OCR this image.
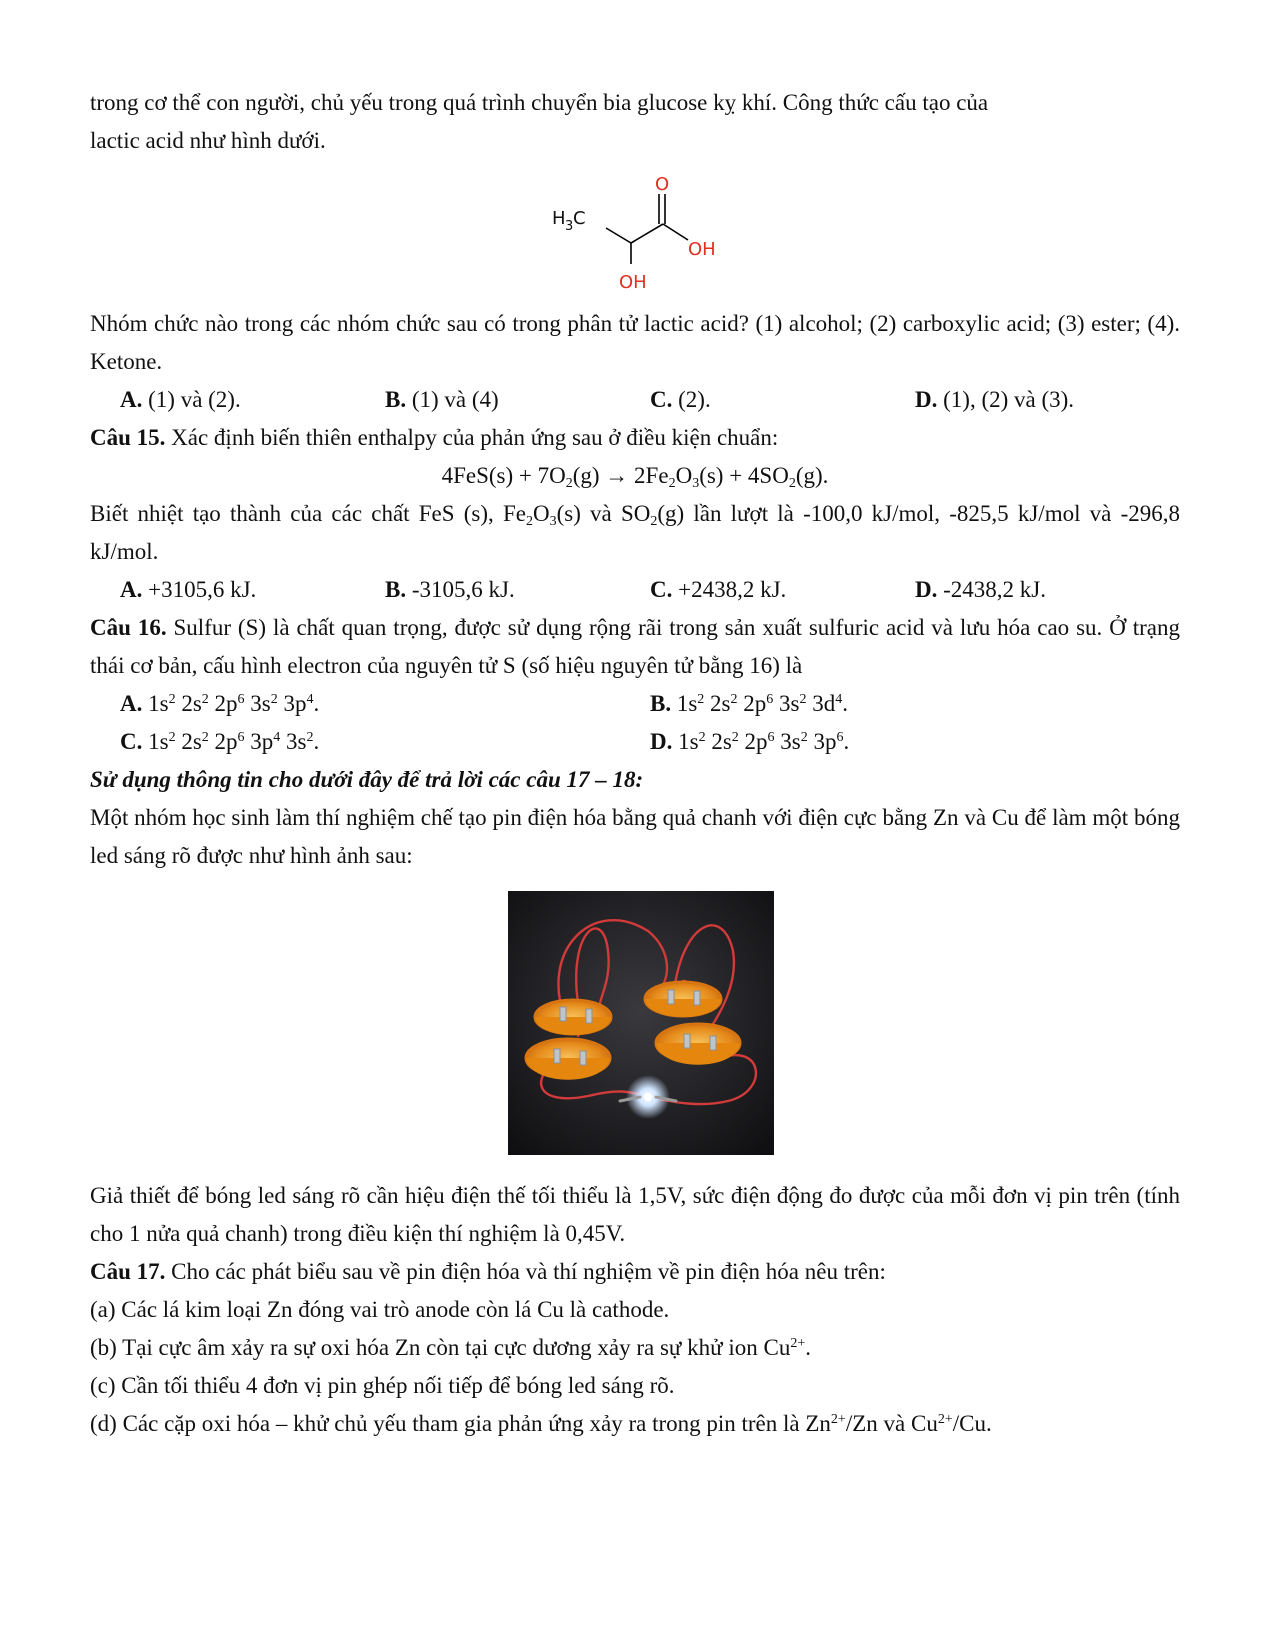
trong cơ thể con người, chủ yếu trong quá trình chuyển bia glucose kỵ khí. Công thức cấu tạo của

lactic acid như hình dưới.

O
H 3 C
OH
OH

Nhóm chức nào trong các nhóm chức sau có trong phân tử lactic acid? (1) alcohol; (2) carboxylic acid; (3) ester; (4). Ketone.

A. (1) và (2).	B. (1) và (4)	C. (2).	D. (1), (2) và (3).

Câu 15. Xác định biến thiên enthalpy của phản ứng sau ở điều kiện chuẩn:

$4FeS(s) + 7O_2(g) \to 2Fe_2O_3(s) + 4SO_2(g)$.

Biết nhiệt tạo thành của các chất FeS (s), $Fe_2O_3(s)$ và $SO_2(g)$ lần lượt là -100,0 kJ/mol, -825,5 kJ/mol và -296,8 kJ/mol.

A. +3105,6 kJ.	B. -3105,6 kJ.	C. +2438,2 kJ.	D. -2438,2 kJ.

Câu 16. Sulfur (S) là chất quan trọng, được sử dụng rộng rãi trong sản xuất sulfuric acid và lưu hóa cao su. Ở trạng thái cơ bản, cấu hình electron của nguyên tử S (số hiệu nguyên tử bằng 16) là

A. $1s^2$ $2s^2$ $2p^6$ $3s^2$ $3p^4$.	B. $1s^2$ $2s^2$ $2p^6$ $3s^2$ $3d^4$.
C. $1s^2$ $2s^2$ $2p^6$ $3p^4$ $3s^2$.	D. $1s^2$ $2s^2$ $2p^6$ $3s^2$ $3p^6$.

Sử dụng thông tin cho dưới đây để trả lời các câu 17 – 18:

Một nhóm học sinh làm thí nghiệm chế tạo pin điện hóa bằng quả chanh với điện cực bằng Zn và Cu để làm một bóng led sáng rõ được như hình ảnh sau:

Giả thiết để bóng led sáng rõ cần hiệu điện thế tối thiểu là 1,5V, sức điện động đo được của mỗi đơn vị pin trên (tính cho 1 nửa quả chanh) trong điều kiện thí nghiệm là 0,45V.

Câu 17. Cho các phát biểu sau về pin điện hóa và thí nghiệm về pin điện hóa nêu trên:

(a) Các lá kim loại Zn đóng vai trò anode còn lá Cu là cathode.

(b) Tại cực âm xảy ra sự oxi hóa Zn còn tại cực dương xảy ra sự khử ion $Cu^{2+}$.

(c) Cần tối thiểu 4 đơn vị pin ghép nối tiếp để bóng led sáng rõ.

(d) Các cặp oxi hóa – khử chủ yếu tham gia phản ứng xảy ra trong pin trên là $Zn^{2+}/Zn$ và $Cu^{2+}/Cu$.
